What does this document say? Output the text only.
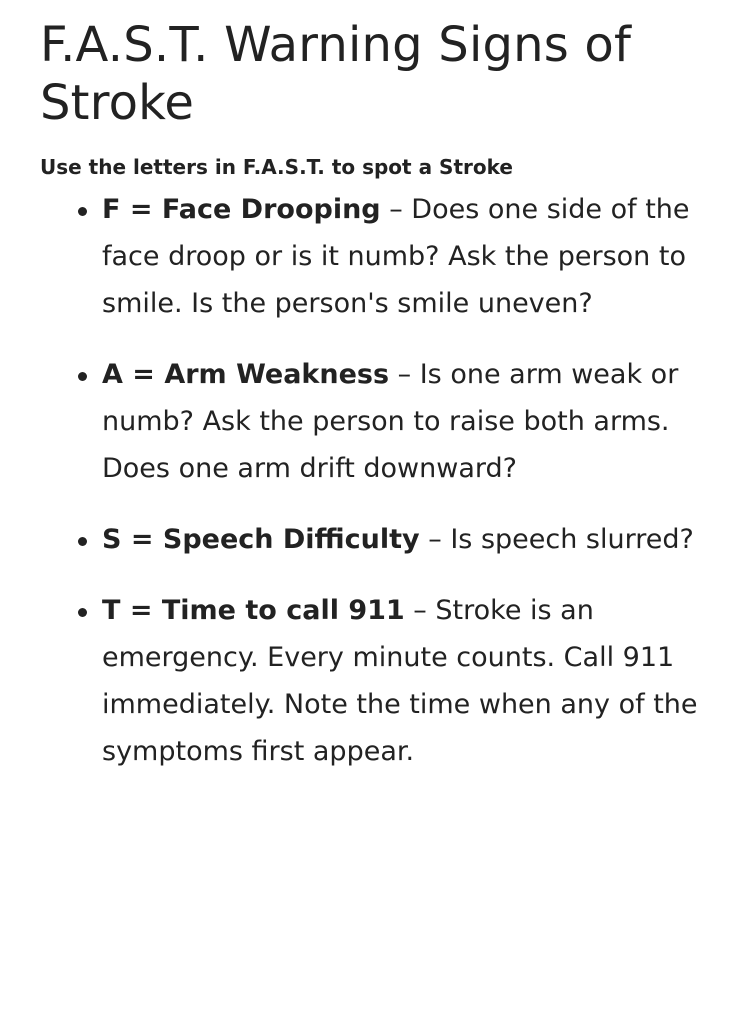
F.A.S.T. Warning Signs of Stroke
Use the letters in F.A.S.T. to spot a Stroke
F = Face Drooping – Does one side of the face droop or is it numb? Ask the person to smile. Is the person's smile uneven?
A = Arm Weakness – Is one arm weak or numb? Ask the person to raise both arms. Does one arm drift downward?
S = Speech Difficulty – Is speech slurred?
T = Time to call 911 – Stroke is an emergency. Every minute counts. Call 911 immediately. Note the time when any of the symptoms first appear.
